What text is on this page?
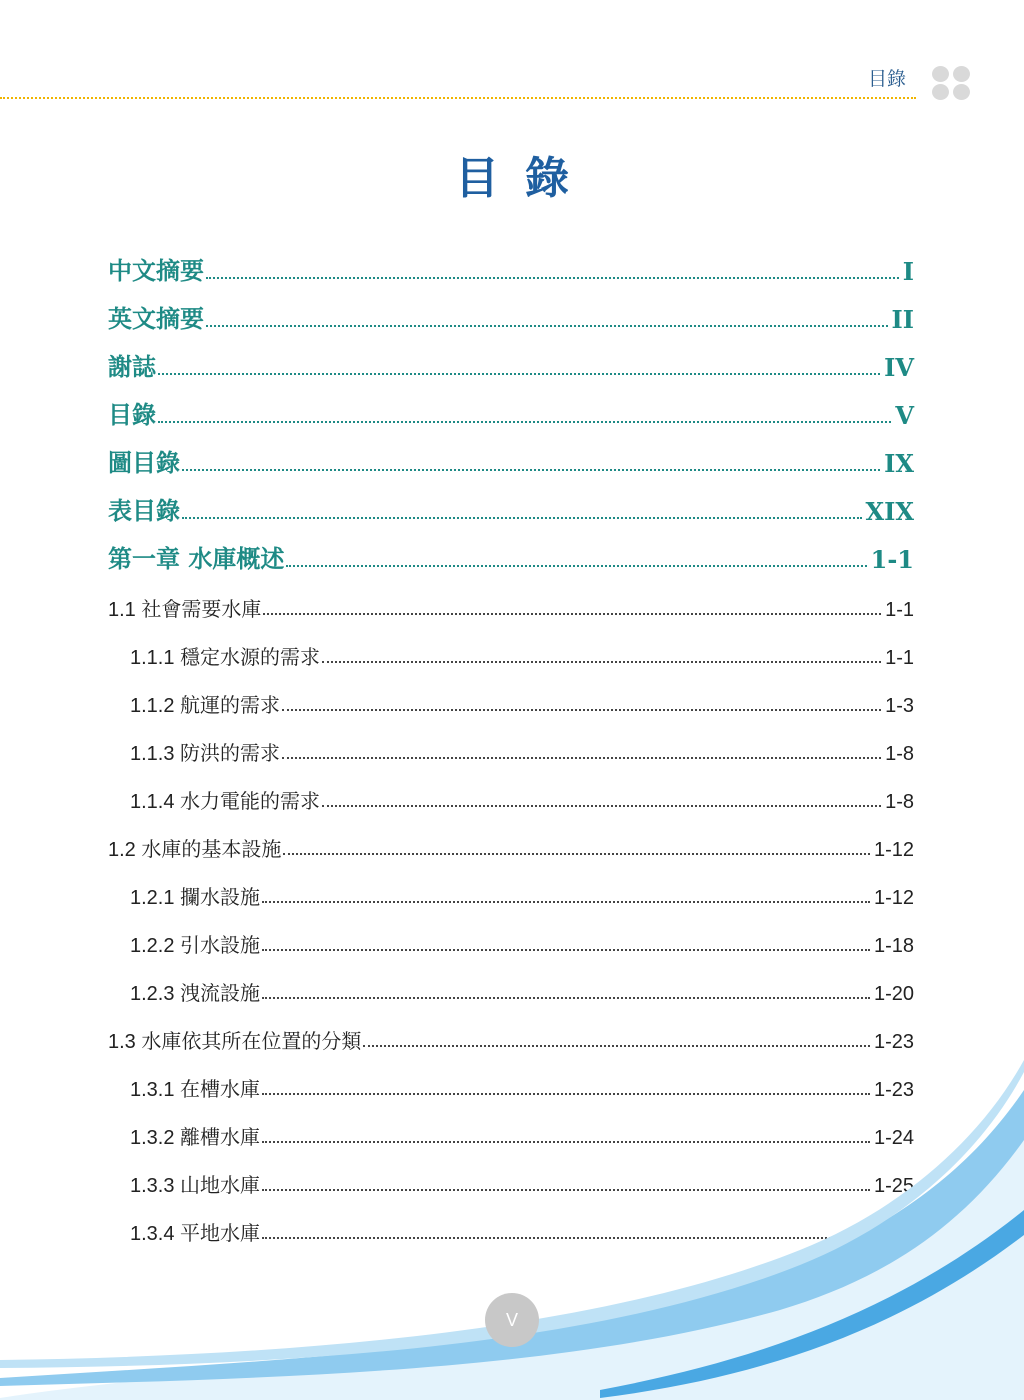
目錄
目錄
中文摘要	I
英文摘要	II
謝誌	IV
目錄	V
圖目錄	IX
表目錄	XIX
第一章 水庫概述	1-1
1.1 社會需要水庫	1-1
1.1.1 穩定水源的需求	1-1
1.1.2 航運的需求	1-3
1.1.3 防洪的需求	1-8
1.1.4 水力電能的需求	1-8
1.2 水庫的基本設施	1-12
1.2.1 攔水設施	1-12
1.2.2 引水設施	1-18
1.2.3 洩流設施	1-20
1.3 水庫依其所在位置的分類	1-23
1.3.1 在槽水庫	1-23
1.3.2 離槽水庫	1-24
1.3.3 山地水庫	1-25
1.3.4 平地水庫
V
